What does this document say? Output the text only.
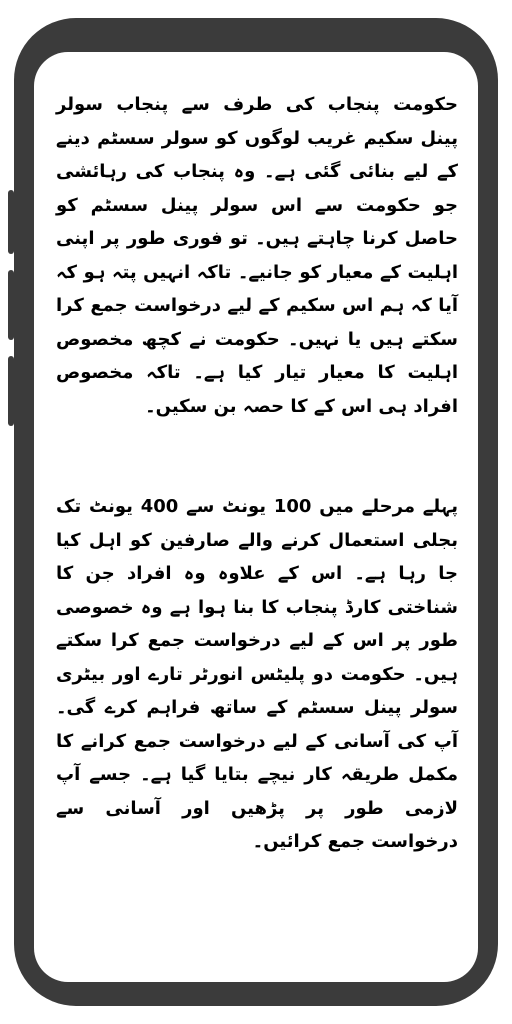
حکومت پنجاب کی طرف سے پنجاب سولر پینل سکیم غریب لوگوں کو سولر سسٹم دینے کے لیے بنائی گئی ہے۔ وہ پنجاب کی رہائشی جو حکومت سے اس سولر پینل سسٹم کو حاصل کرنا چاہتے ہیں۔ تو فوری طور پر اپنی اہلیت کے معیار کو جانیے۔ تاکہ انہیں پتہ ہو کہ آیا کہ ہم اس سکیم کے لیے درخواست جمع کرا سکتے ہیں یا نہیں۔ حکومت نے کچھ مخصوص اہلیت کا معیار تیار کیا ہے۔ تاکہ مخصوص افراد ہی اس کے کا حصہ بن سکیں۔

پہلے مرحلے میں 100 یونٹ سے 400 یونٹ تک بجلی استعمال کرنے والے صارفین کو اہل کیا جا رہا ہے۔ اس کے علاوہ وہ افراد جن کا شناختی کارڈ پنجاب کا بنا ہوا ہے وہ خصوصی طور پر اس کے لیے درخواست جمع کرا سکتے ہیں۔ حکومت دو پلیٹس انورٹر تارے اور بیٹری سولر پینل سسٹم کے ساتھ فراہم کرے گی۔ آپ کی آسانی کے لیے درخواست جمع کرانے کا مکمل طریقہ کار نیچے بتایا گیا ہے۔ جسے آپ لازمی طور پر پڑھیں اور آسانی سے درخواست جمع کرائیں۔
